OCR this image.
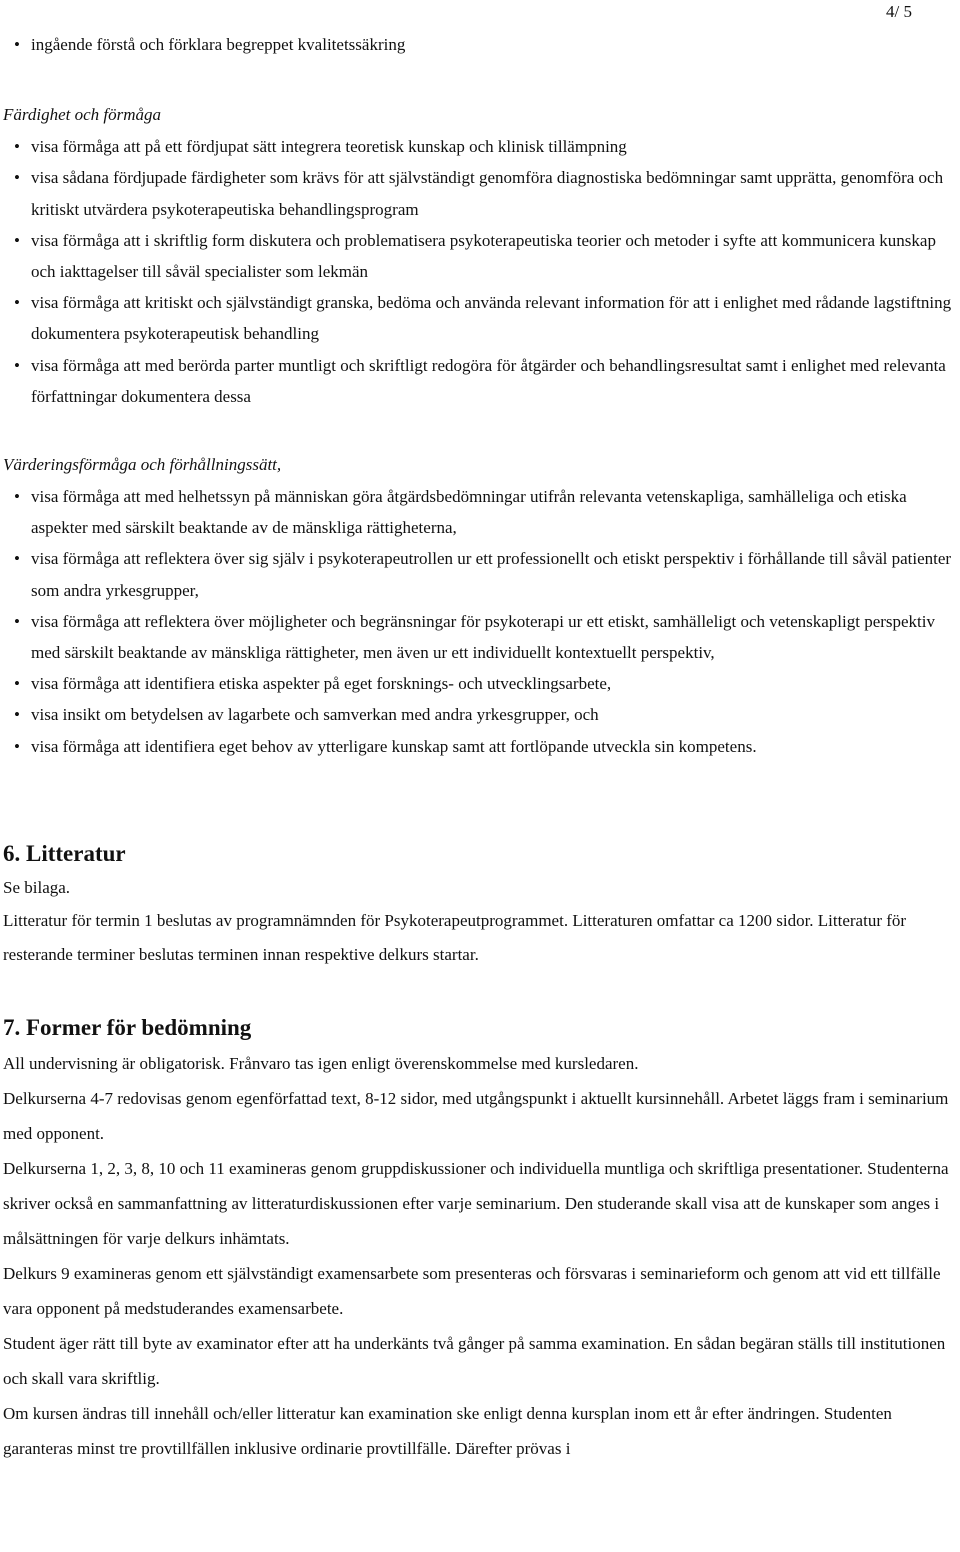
4/ 5
• ingående förstå och förklara begreppet kvalitetssäkring
Färdighet och förmåga
• visa förmåga att på ett fördjupat sätt integrera teoretisk kunskap och klinisk tillämpning
• visa sådana fördjupade färdigheter som krävs för att självständigt genomföra diagnostiska bedömningar samt upprätta, genomföra och kritiskt utvärdera psykoterapeutiska behandlingsprogram
• visa förmåga att i skriftlig form diskutera och problematisera psykoterapeutiska teorier och metoder i syfte att kommunicera kunskap och iakttagelser till såväl specialister som lekmän
• visa förmåga att kritiskt och självständigt granska, bedöma och använda relevant information för att i enlighet med rådande lagstiftning dokumentera psykoterapeutisk behandling
• visa förmåga att med berörda parter muntligt och skriftligt redogöra för åtgärder och behandlingsresultat samt i enlighet med relevanta författningar dokumentera dessa
Värderingsförmåga och förhållningssätt,
• visa förmåga att med helhetssyn på människan göra åtgärdsbedömningar utifrån relevanta vetenskapliga, samhälleliga och etiska aspekter med särskilt beaktande av de mänskliga rättigheterna,
• visa förmåga att reflektera över sig själv i psykoterapeutrollen ur ett professionellt och etiskt perspektiv i förhållande till såväl patienter som andra yrkesgrupper,
• visa förmåga att reflektera över möjligheter och begränsningar för psykoterapi ur ett etiskt, samhälleligt och vetenskapligt perspektiv med särskilt beaktande av mänskliga rättigheter, men även ur ett individuellt kontextuellt perspektiv,
• visa förmåga att identifiera etiska aspekter på eget forsknings- och utvecklingsarbete,
• visa insikt om betydelsen av lagarbete och samverkan med andra yrkesgrupper, och
• visa förmåga att identifiera eget behov av ytterligare kunskap samt att fortlöpande utveckla sin kompetens.
6. Litteratur
Se bilaga.
Litteratur för termin 1 beslutas av programnämnden för Psykoterapeutprogrammet. Litteraturen omfattar ca 1200 sidor. Litteratur för resterande terminer beslutas terminen innan respektive delkurs startar.
7. Former för bedömning
All undervisning är obligatorisk. Frånvaro tas igen enligt överenskommelse med kursledaren.
Delkurserna 4-7 redovisas genom egenförfattad text, 8-12 sidor, med utgångspunkt i aktuellt kursinnehåll. Arbetet läggs fram i seminarium med opponent.
Delkurserna 1, 2, 3, 8, 10 och 11 examineras genom gruppdiskussioner och individuella muntliga och skriftliga presentationer. Studenterna skriver också en sammanfattning av litteraturdiskussionen efter varje seminarium. Den studerande skall visa att de kunskaper som anges i målsättningen för varje delkurs inhämtats.
Delkurs 9 examineras genom ett självständigt examensarbete som presenteras och försvaras i seminarieform och genom att vid ett tillfälle vara opponent på medstuderandes examensarbete.
Student äger rätt till byte av examinator efter att ha underkänts två gånger på samma examination. En sådan begäran ställs till institutionen och skall vara skriftlig.
Om kursen ändras till innehåll och/eller litteratur kan examination ske enligt denna kursplan inom ett år efter ändringen. Studenten garanteras minst tre provtillfällen inklusive ordinarie provtillfälle. Därefter prövas i
